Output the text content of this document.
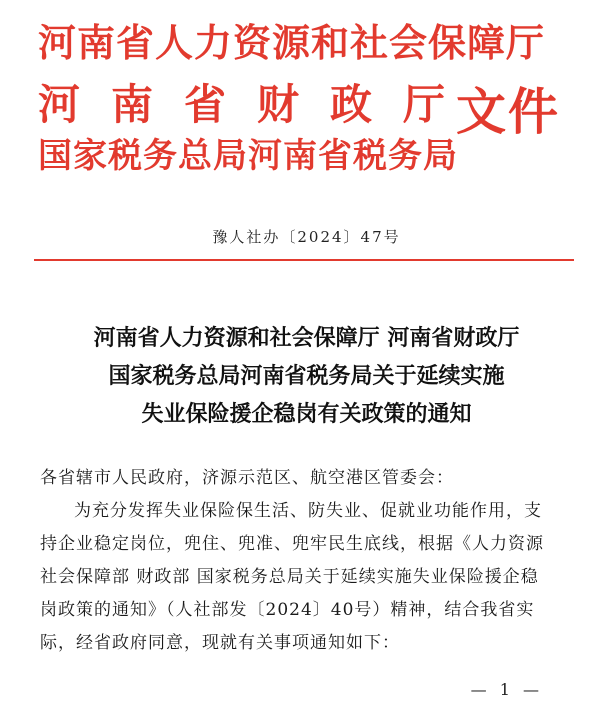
河南省人力资源和社会保障厅
河南省财政厅
国家税务总局河南省税务局
文件
豫人社办〔2024〕47号
河南省人力资源和社会保障厅 河南省财政厅
国家税务总局河南省税务局关于延续实施
失业保险援企稳岗有关政策的通知
各省辖市人民政府，济源示范区、航空港区管委会：
为充分发挥失业保险保生活、防失业、促就业功能作用，支
持企业稳定岗位，兜住、兜准、兜牢民生底线，根据《人力资源
社会保障部 财政部 国家税务总局关于延续实施失业保险援企稳
岗政策的通知》（人社部发〔2024〕40号）精神，结合我省实
际，经省政府同意，现就有关事项通知如下：
— 1 —
